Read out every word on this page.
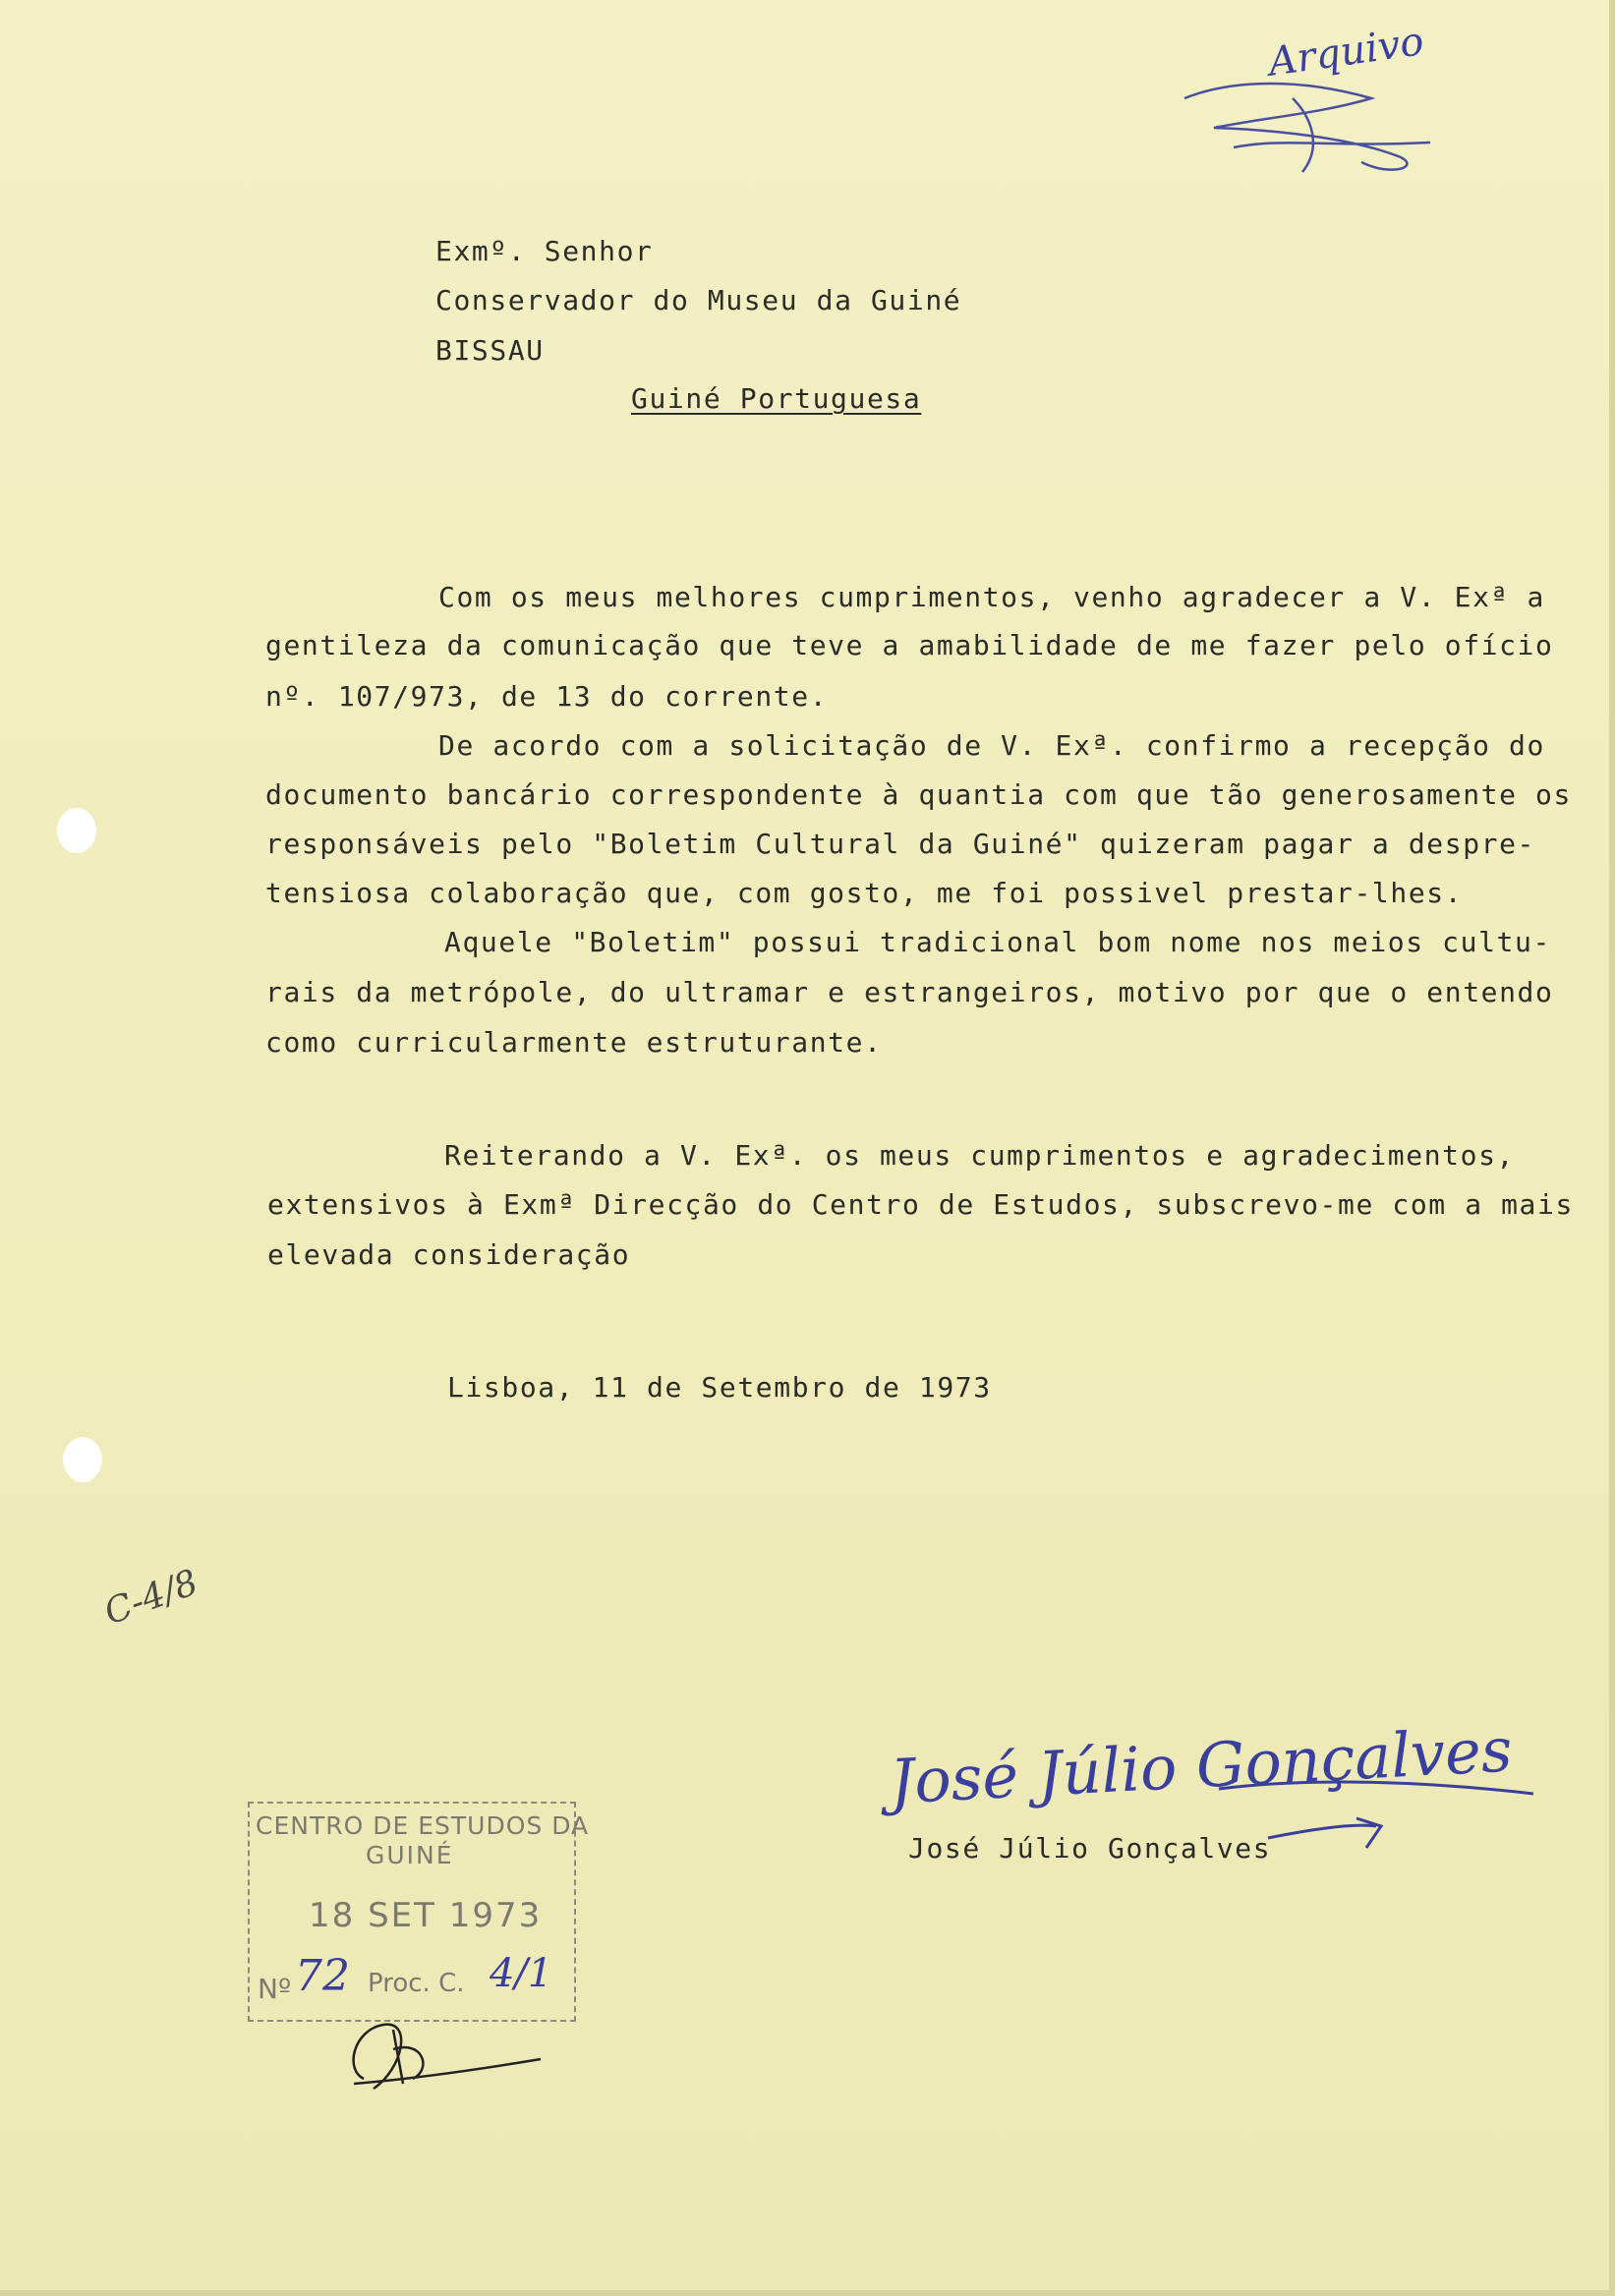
Arquivo
Exmº. Senhor
Conservador do Museu da Guiné
BISSAU
Guiné Portuguesa
Com os meus melhores cumprimentos, venho agradecer a V. Exª a
gentileza da comunicação que teve a amabilidade de me fazer pelo ofício
nº. 107/973, de 13 do corrente.
De acordo com a solicitação de V. Exª. confirmo a recepção do
documento bancário correspondente à quantia com que tão generosamente os
responsáveis pelo "Boletim Cultural da Guiné" quizeram pagar a despre-
tensiosa colaboração que, com gosto, me foi possivel prestar-lhes.
Aquele "Boletim" possui tradicional bom nome nos meios cultu-
rais da metrópole, do ultramar e estrangeiros, motivo por que o entendo
como curricularmente estruturante.
Reiterando a V. Exª. os meus cumprimentos e agradecimentos,
extensivos à Exmª Direcção do Centro de Estudos, subscrevo-me com a mais
elevada consideração
Lisboa, 11 de Setembro de 1973
C-4/8
José Júlio Gonçalves
José Júlio Gonçalves
CENTRO DE ESTUDOS DA
GUINÉ
18 SET 1973
Nº	Proc. C.
72	4/1
